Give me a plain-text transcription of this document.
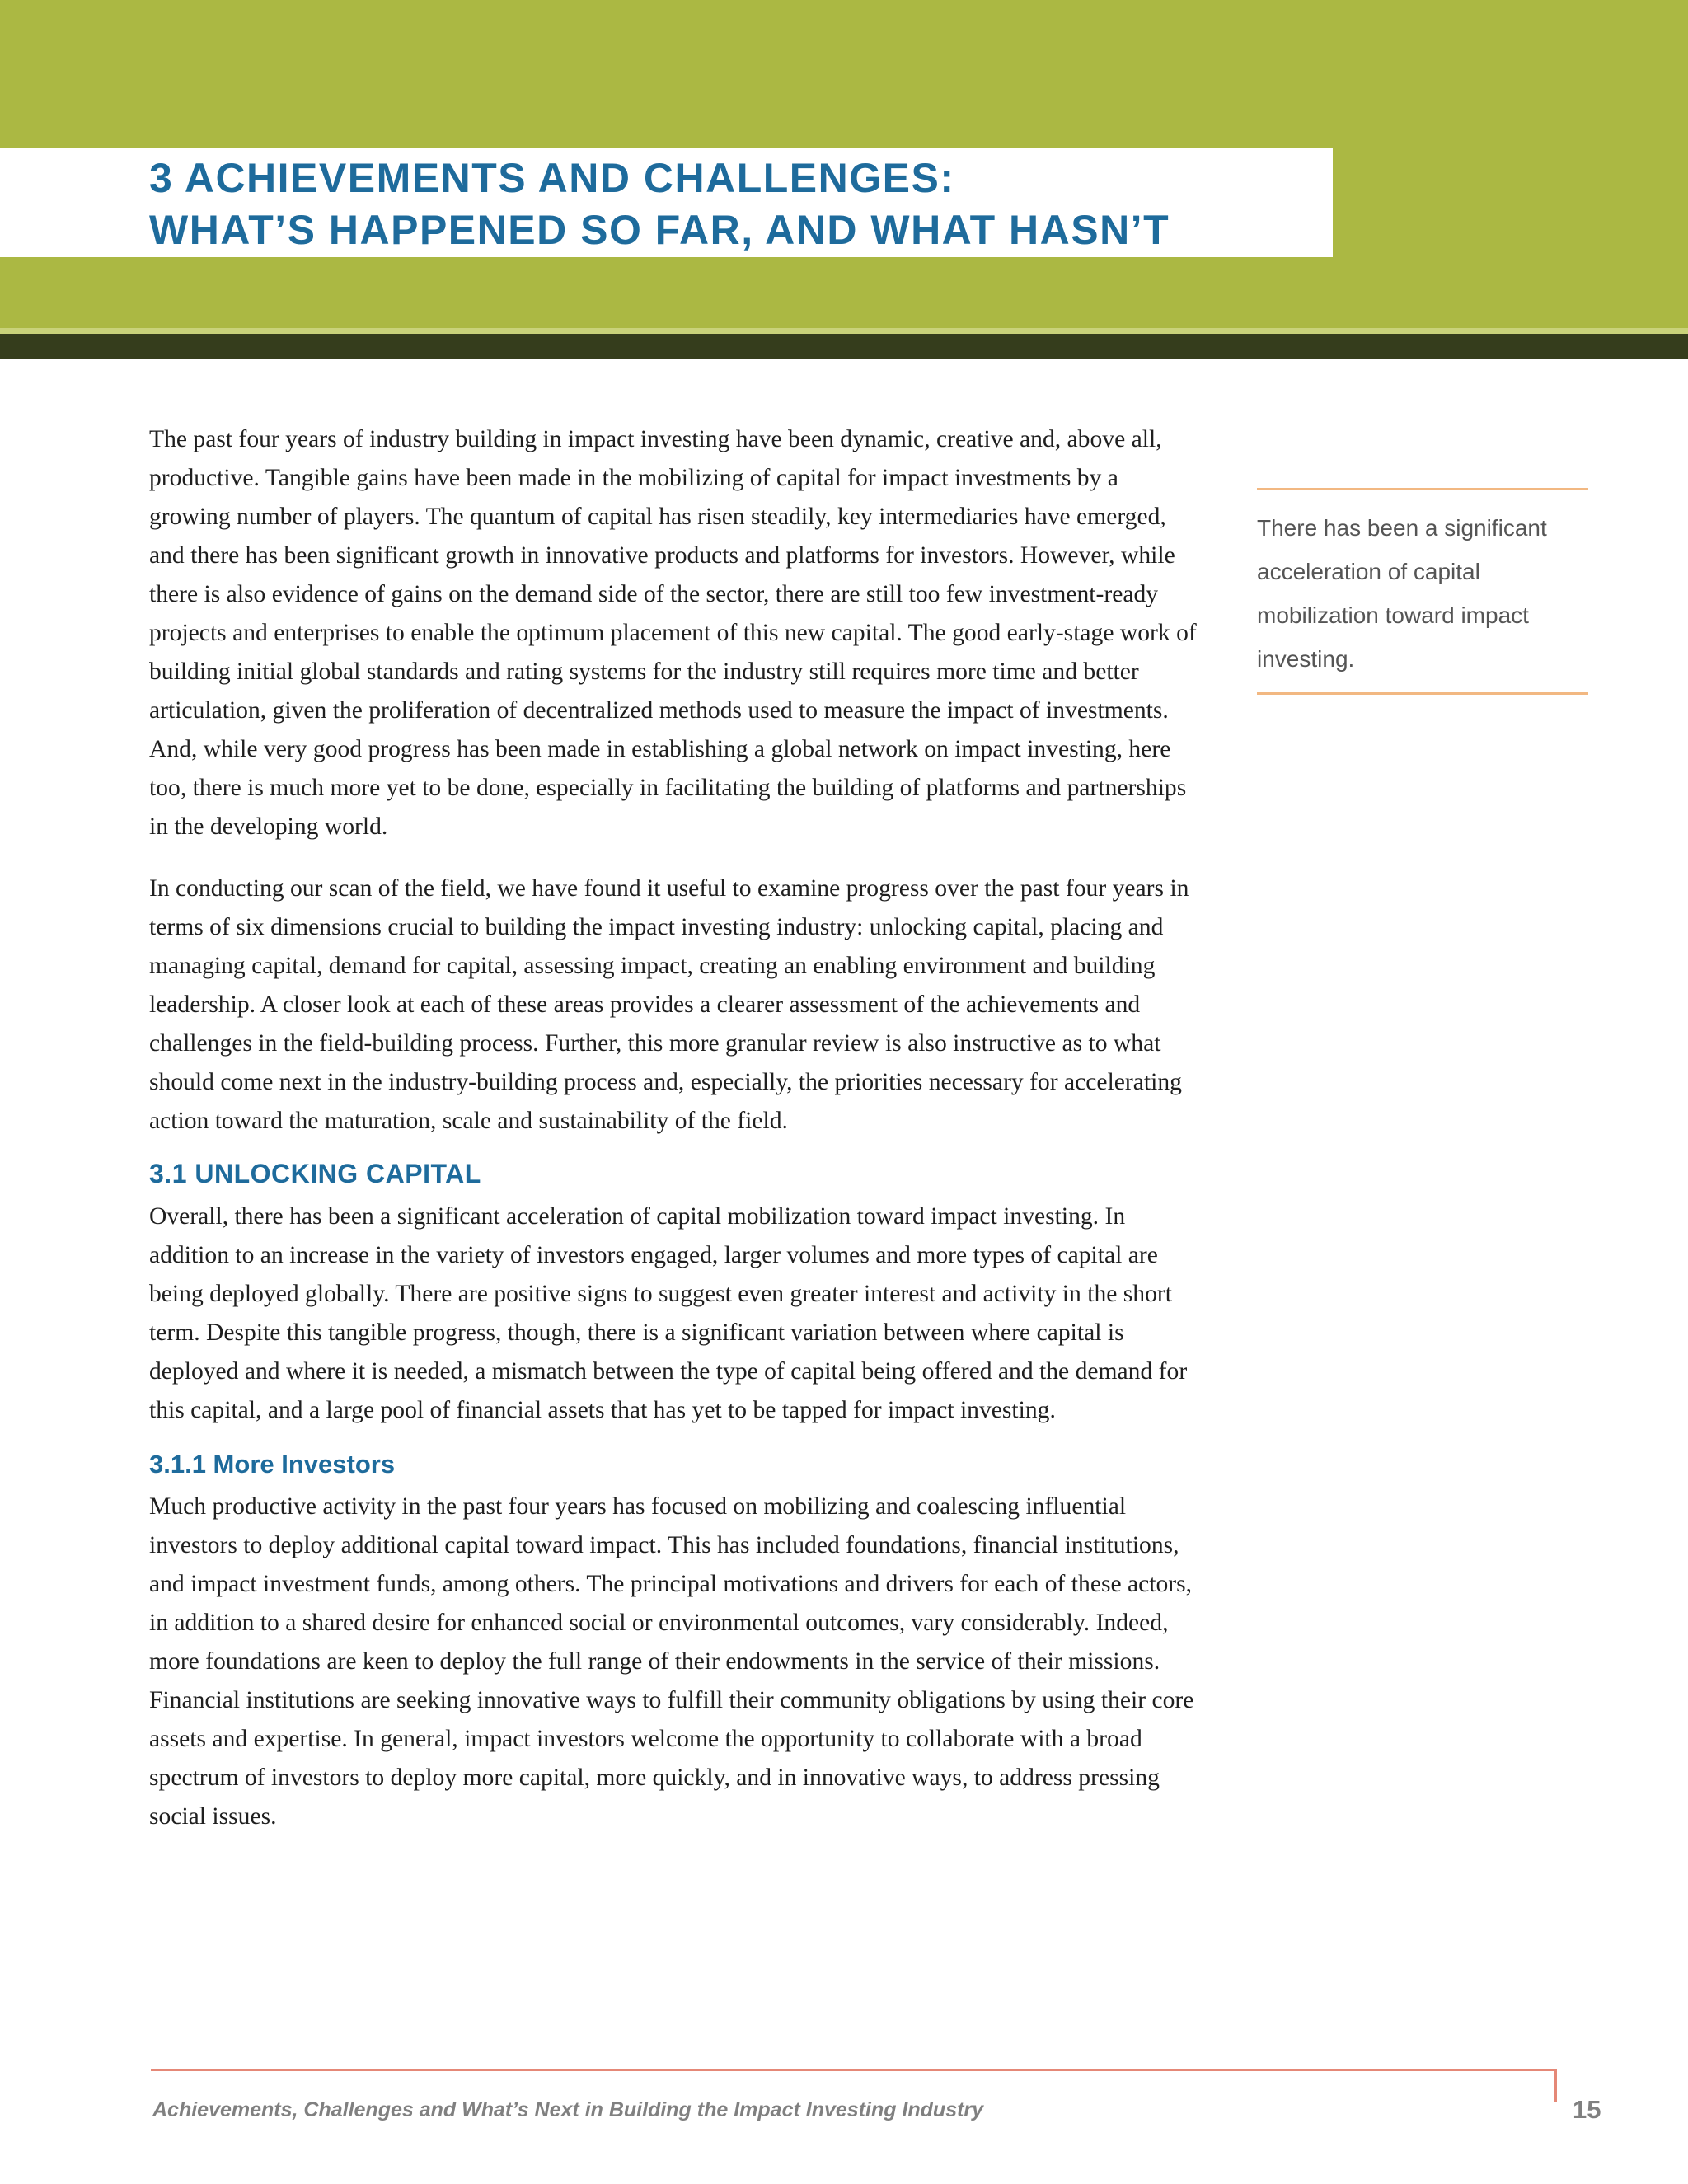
3 ACHIEVEMENTS AND CHALLENGES:
WHAT’S HAPPENED SO FAR, AND WHAT HASN’T

The past four years of industry building in impact investing have been dynamic, creative and, above all, productive. Tangible gains have been made in the mobilizing of capital for impact investments by a growing number of players. The quantum of capital has risen steadily, key intermediaries have emerged, and there has been significant growth in innovative products and platforms for investors. However, while there is also evidence of gains on the demand side of the sector, there are still too few investment-ready projects and enterprises to enable the optimum placement of this new capital. The good early-stage work of building initial global standards and rating systems for the industry still requires more time and better articulation, given the proliferation of decentralized methods used to measure the impact of investments. And, while very good progress has been made in establishing a global network on impact investing, here too, there is much more yet to be done, especially in facilitating the building of platforms and partnerships in the developing world.

In conducting our scan of the field, we have found it useful to examine progress over the past four years in terms of six dimensions crucial to building the impact investing industry: unlocking capital, placing and managing capital, demand for capital, assessing impact, creating an enabling environment and building leadership. A closer look at each of these areas provides a clearer assessment of the achievements and challenges in the field-building process. Further, this more granular review is also instructive as to what should come next in the industry-building process and, especially, the priorities necessary for accelerating action toward the maturation, scale and sustainability of the field.

3.1 UNLOCKING CAPITAL

Overall, there has been a significant acceleration of capital mobilization toward impact investing. In addition to an increase in the variety of investors engaged, larger volumes and more types of capital are being deployed globally. There are positive signs to suggest even greater interest and activity in the short term. Despite this tangible progress, though, there is a significant variation between where capital is deployed and where it is needed, a mismatch between the type of capital being offered and the demand for this capital, and a large pool of financial assets that has yet to be tapped for impact investing.

3.1.1 More Investors

Much productive activity in the past four years has focused on mobilizing and coalescing influential investors to deploy additional capital toward impact. This has included foundations, financial institutions, and impact investment funds, among others. The principal motivations and drivers for each of these actors, in addition to a shared desire for enhanced social or environmental outcomes, vary considerably. Indeed, more foundations are keen to deploy the full range of their endowments in the service of their missions. Financial institutions are seeking innovative ways to fulfill their community obligations by using their core assets and expertise. In general, impact investors welcome the opportunity to collaborate with a broad spectrum of investors to deploy more capital, more quickly, and in innovative ways, to address pressing social issues.

There has been a significant acceleration of capital mobilization toward impact investing.
Achievements, Challenges and What’s Next in Building the Impact Investing Industry	15
